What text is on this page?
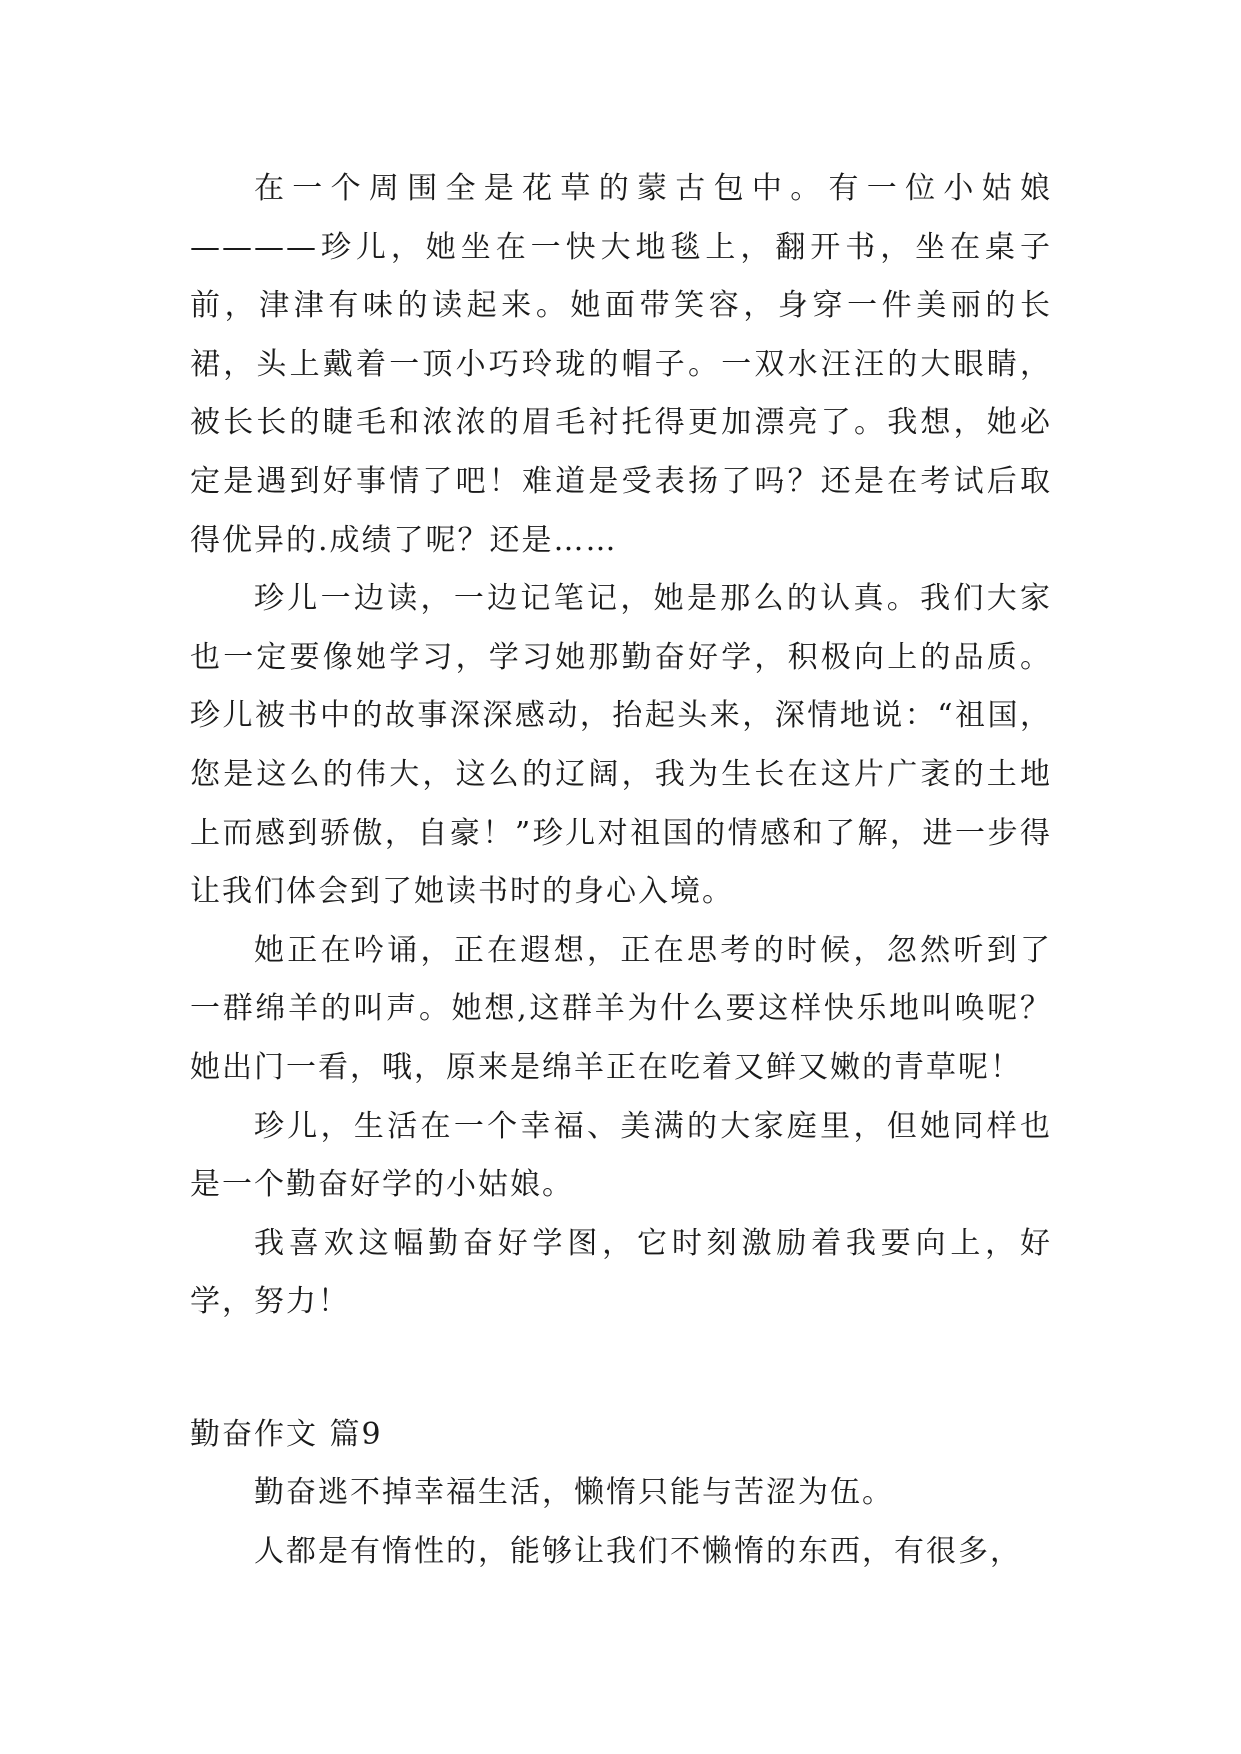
在一个周围全是花草的蒙古包中。有一位小姑娘————珍儿，她坐在一快大地毯上，翻开书，坐在桌子前，津津有味的读起来。她面带笑容，身穿一件美丽的长裙，头上戴着一顶小巧玲珑的帽子。一双水汪汪的大眼睛，被长长的睫毛和浓浓的眉毛衬托得更加漂亮了。我想，她必定是遇到好事情了吧！难道是受表扬了吗？还是在考试后取得优异的.成绩了呢？还是……

珍儿一边读，一边记笔记，她是那么的认真。我们大家也一定要像她学习，学习她那勤奋好学，积极向上的品质。珍儿被书中的故事深深感动，抬起头来，深情地说：“祖国，您是这么的伟大，这么的辽阔，我为生长在这片广袤的土地上而感到骄傲，自豪！”珍儿对祖国的情感和了解，进一步得让我们体会到了她读书时的身心入境。

她正在吟诵，正在遐想，正在思考的时候，忽然听到了一群绵羊的叫声。她想,这群羊为什么要这样快乐地叫唤呢？她出门一看，哦，原来是绵羊正在吃着又鲜又嫩的青草呢！

珍儿，生活在一个幸福、美满的大家庭里，但她同样也是一个勤奋好学的小姑娘。

我喜欢这幅勤奋好学图，它时刻激励着我要向上，好学，努力！

勤奋作文 篇9

勤奋逃不掉幸福生活，懒惰只能与苦涩为伍。

人都是有惰性的，能够让我们不懒惰的东西，有很多，
